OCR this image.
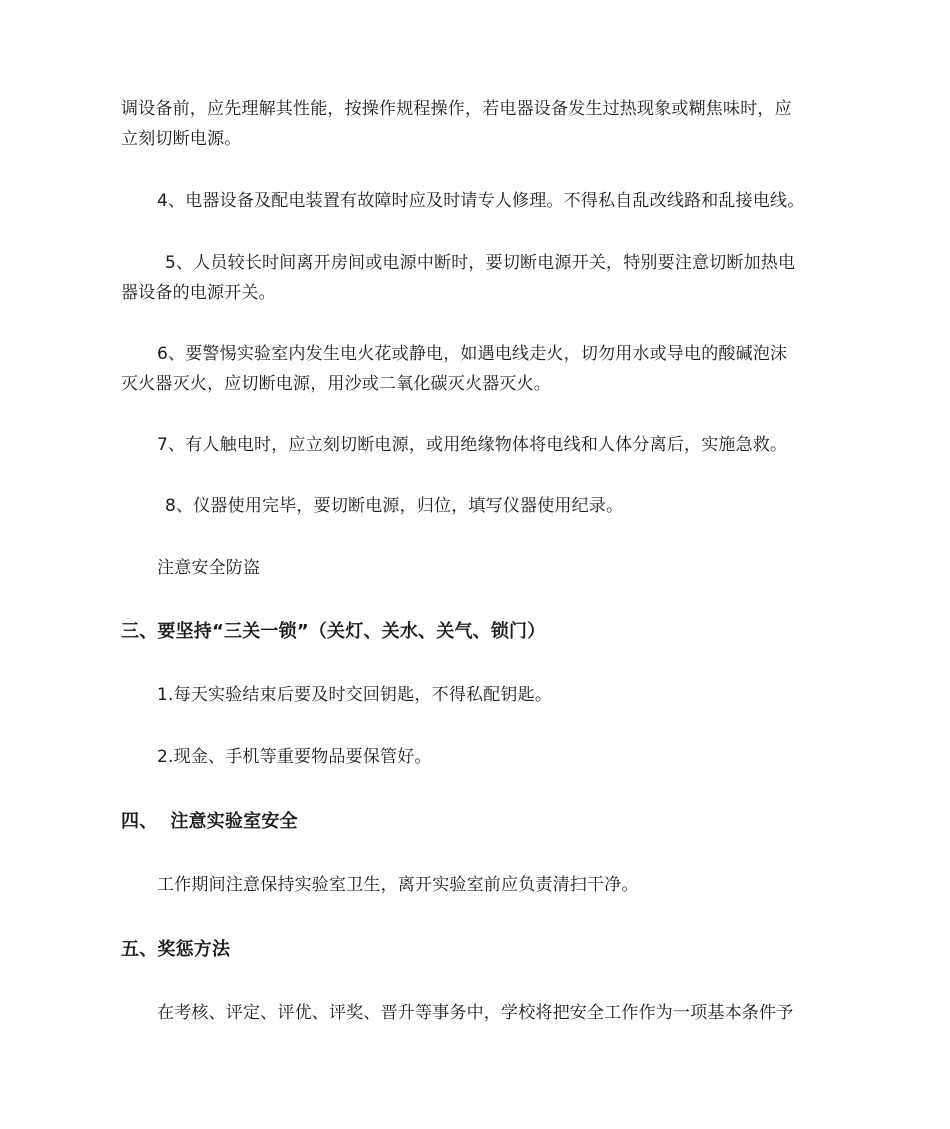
调设备前，应先理解其性能，按操作规程操作，若电器设备发生过热现象或糊焦味时，应
立刻切断电源。
4、电器设备及配电装置有故障时应及时请专人修理。不得私自乱改线路和乱接电线。
5、人员较长时间离开房间或电源中断时，要切断电源开关，特别要注意切断加热电
器设备的电源开关。
6、要警惕实验室内发生电火花或静电，如遇电线走火，切勿用水或导电的酸碱泡沫
灭火器灭火，应切断电源，用沙或二氧化碳灭火器灭火。
7、有人触电时，应立刻切断电源，或用绝缘物体将电线和人体分离后，实施急救。
8、仪器使用完毕，要切断电源，归位，填写仪器使用纪录。
注意安全防盗
三、要坚持“三关一锁”（关灯、关水、关气、锁门）
1.每天实验结束后要及时交回钥匙，不得私配钥匙。
2.现金、手机等重要物品要保管好。
四、  注意实验室安全
工作期间注意保持实验室卫生，离开实验室前应负责清扫干净。
五、奖惩方法
在考核、评定、评优、评奖、晋升等事务中，学校将把安全工作作为一项基本条件予
